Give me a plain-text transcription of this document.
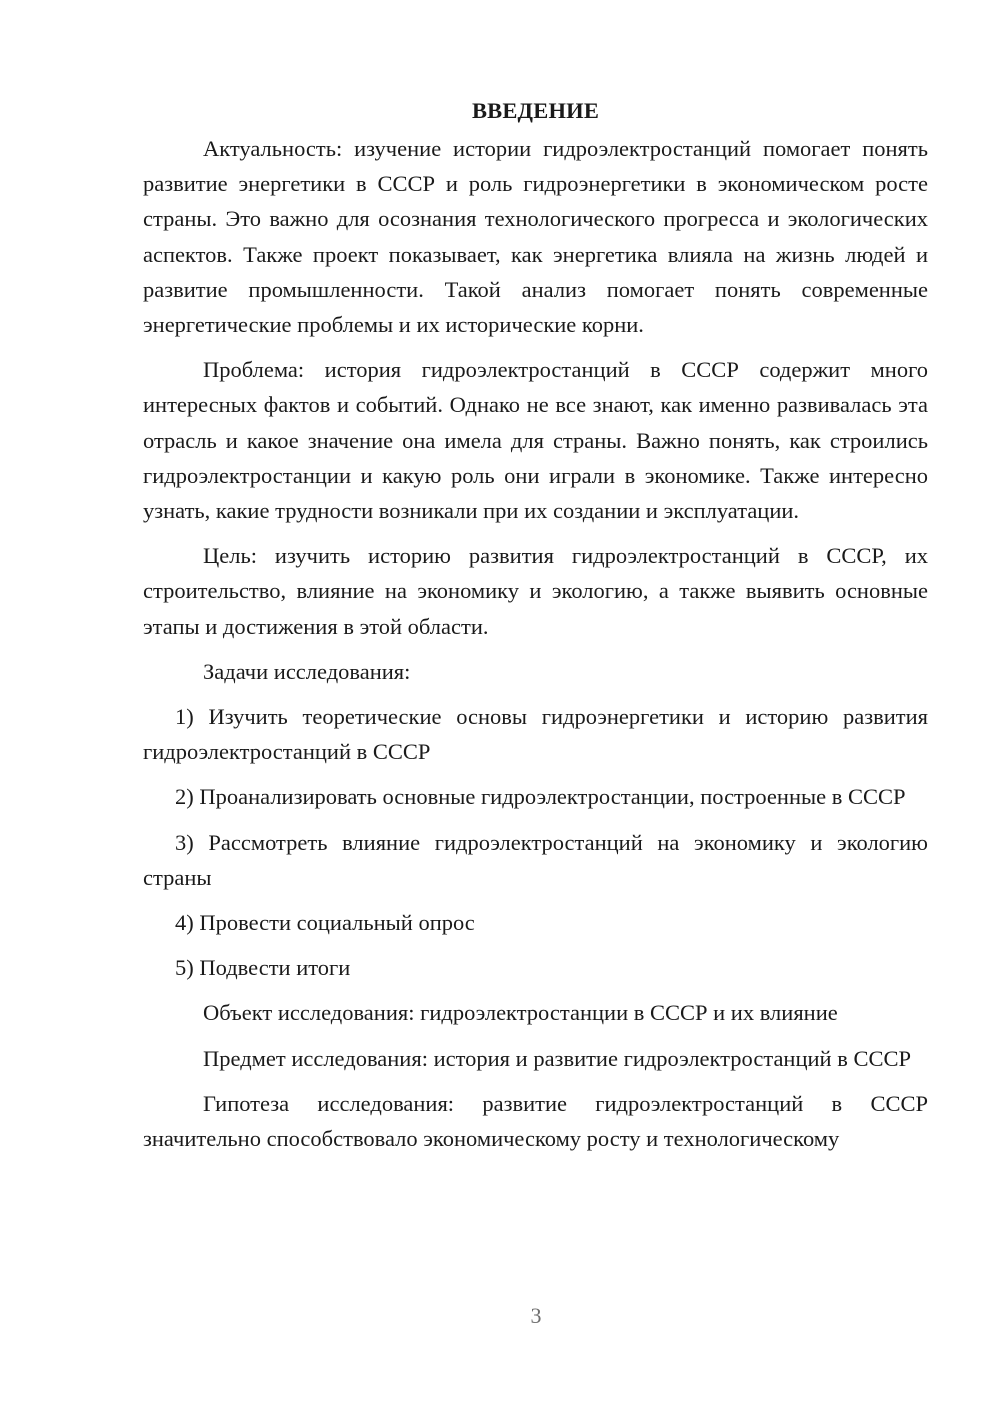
ВВЕДЕНИЕ

Актуальность: изучение истории гидроэлектростанций помогает понять развитие энергетики в СССР и роль гидроэнергетики в экономическом росте страны. Это важно для осознания технологического прогресса и экологических аспектов. Также проект показывает, как энергетика влияла на жизнь людей и развитие промышленности. Такой анализ помогает понять современные энергетические проблемы и их исторические корни.

Проблема: история гидроэлектростанций в СССР содержит много интересных фактов и событий. Однако не все знают, как именно развивалась эта отрасль и какое значение она имела для страны. Важно понять, как строились гидроэлектростанции и какую роль они играли в экономике. Также интересно узнать, какие трудности возникали при их создании и эксплуатации.

Цель: изучить историю развития гидроэлектростанций в СССР, их строительство, влияние на экономику и экологию, а также выявить основные этапы и достижения в этой области.

Задачи исследования:

1) Изучить теоретические основы гидроэнергетики и историю развития гидроэлектростанций в СССР

2) Проанализировать основные гидроэлектростанции, построенные в СССР

3) Рассмотреть влияние гидроэлектростанций на экономику и экологию страны

4) Провести социальный опрос

5) Подвести итоги

Объект исследования: гидроэлектростанции в СССР и их влияние

Предмет исследования: история и развитие гидроэлектростанций в СССР

Гипотеза исследования: развитие гидроэлектростанций в СССР значительно способствовало экономическому росту и технологическому

3
